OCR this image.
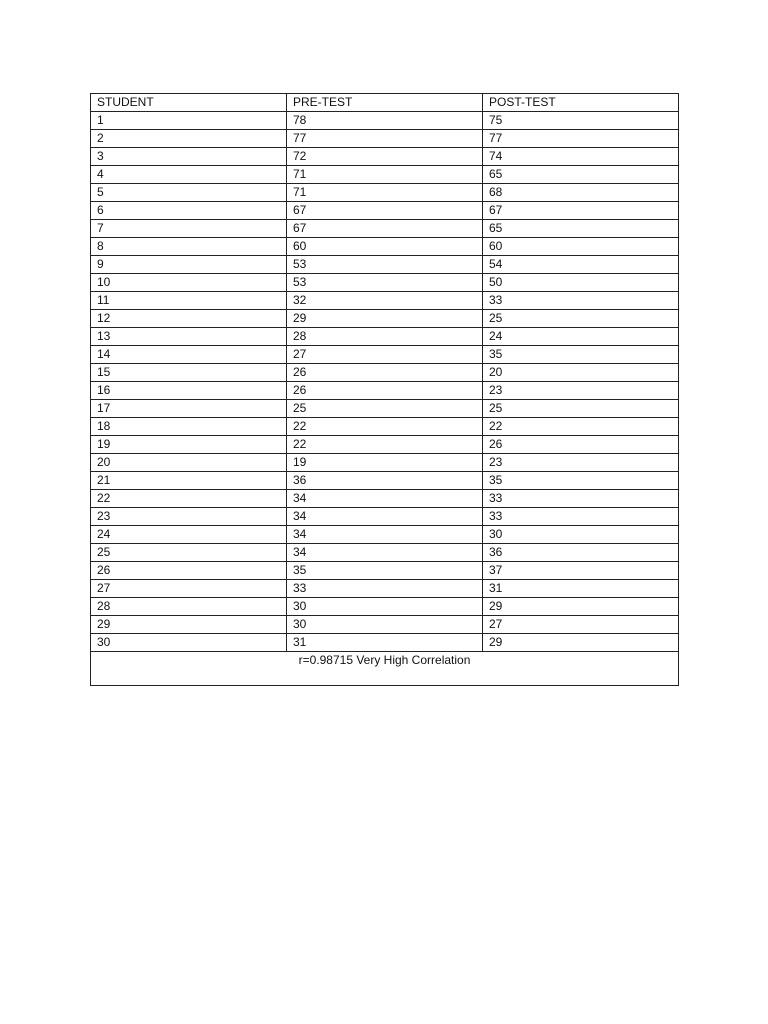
STUDENT	PRE-TEST	POST-TEST
1	78	75
2	77	77
3	72	74
4	71	65
5	71	68
6	67	67
7	67	65
8	60	60
9	53	54
10	53	50
11	32	33
12	29	25
13	28	24
14	27	35
15	26	20
16	26	23
17	25	25
18	22	22
19	22	26
20	19	23
21	36	35
22	34	33
23	34	33
24	34	30
25	34	36
26	35	37
27	33	31
28	30	29
29	30	27
30	31	29
r=0.98715 Very High Correlation		
